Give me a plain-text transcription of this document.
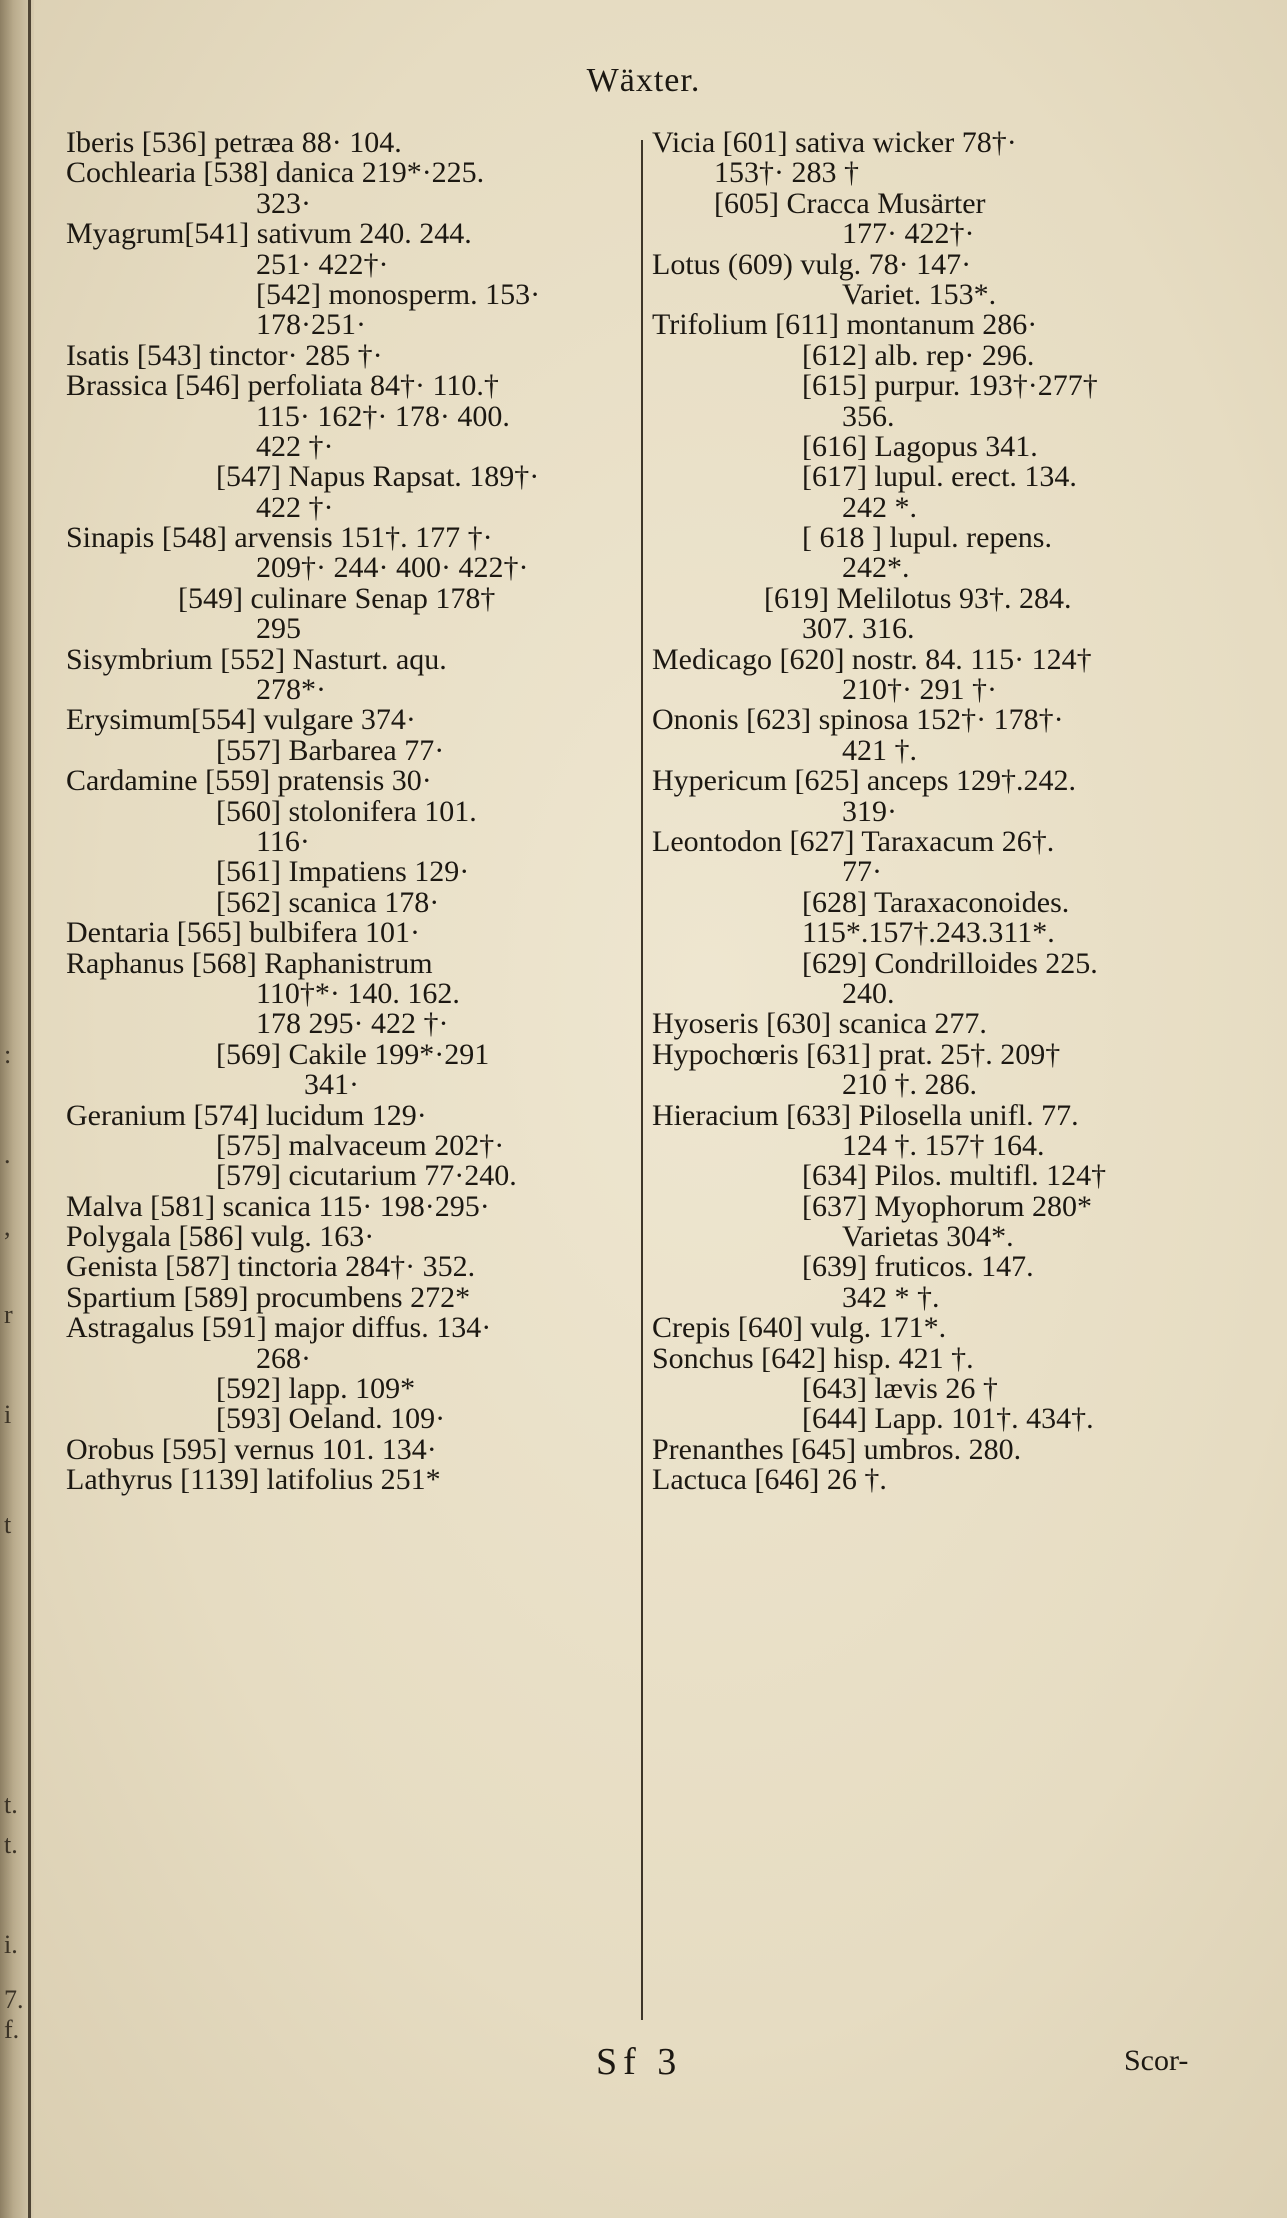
:
.
,
r
i
t
t.
t.
i.
7.
f.
Wäxter.
Iberis [536] petræa 88· 104.
Cochlearia [538] danica 219*·225.
323·
Myagrum[541] sativum 240. 244.
251· 422†·
[542] monosperm. 153·
178·251·
Isatis [543] tinctor· 285 †·
Brassica [546] perfoliata 84†· 110.†
115· 162†· 178· 400.
422 †·
[547] Napus Rapsat. 189†·
422 †·
Sinapis [548] arvensis 151†. 177 †·
209†· 244· 400· 422†·
[549] culinare Senap 178†
295
Sisymbrium [552] Nasturt. aqu.
278*·
Erysimum[554] vulgare 374·
[557] Barbarea 77·
Cardamine [559] pratensis 30·
[560] stolonifera 101.
116·
[561] Impatiens 129·
[562] scanica 178·
Dentaria [565] bulbifera 101·
Raphanus [568] Raphanistrum
110†*· 140. 162.
178 295· 422 †·
[569] Cakile 199*·291
341·
Geranium [574] lucidum 129·
[575] malvaceum 202†·
[579] cicutarium 77·240.
Malva [581] scanica 115· 198·295·
Polygala [586] vulg. 163·
Genista [587] tinctoria 284†· 352.
Spartium [589] procumbens 272*
Astragalus [591] major diffus. 134·
268·
[592] lapp. 109*
[593] Oeland. 109·
Orobus [595] vernus 101. 134·
Lathyrus [1139] latifolius 251*
Vicia [601] sativa wicker 78†·
153†· 283 †
[605] Cracca Musärter
177· 422†·
Lotus (609) vulg. 78· 147·
Variet. 153*.
Trifolium [611] montanum 286·
[612] alb. rep· 296.
[615] purpur. 193†·277†
356.
[616] Lagopus 341.
[617] lupul. erect. 134.
242 *.
[ 618 ] lupul. repens.
242*.
[619] Melilotus 93†. 284.
307. 316.
Medicago [620] nostr. 84. 115· 124†
210†· 291 †·
Ononis [623] spinosa 152†· 178†·
421 †.
Hypericum [625] anceps 129†.242.
319·
Leontodon [627] Taraxacum 26†.
77·
[628] Taraxaconoides.
115*.157†.243.311*.
[629] Condrilloides 225.
240.
Hyoseris [630] scanica 277.
Hypochœris [631] prat. 25†. 209†
210 †. 286.
Hieracium [633] Pilosella unifl. 77.
124 †. 157† 164.
[634] Pilos. multifl. 124†
[637] Myophorum 280*
Varietas 304*.
[639] fruticos. 147.
342 * †.
Crepis [640] vulg. 171*.
Sonchus [642] hisp. 421 †.
[643] lævis 26 †
[644] Lapp. 101†. 434†.
Prenanthes [645] umbros. 280.
Lactuca [646] 26 †.
Sf 3	Scor-
